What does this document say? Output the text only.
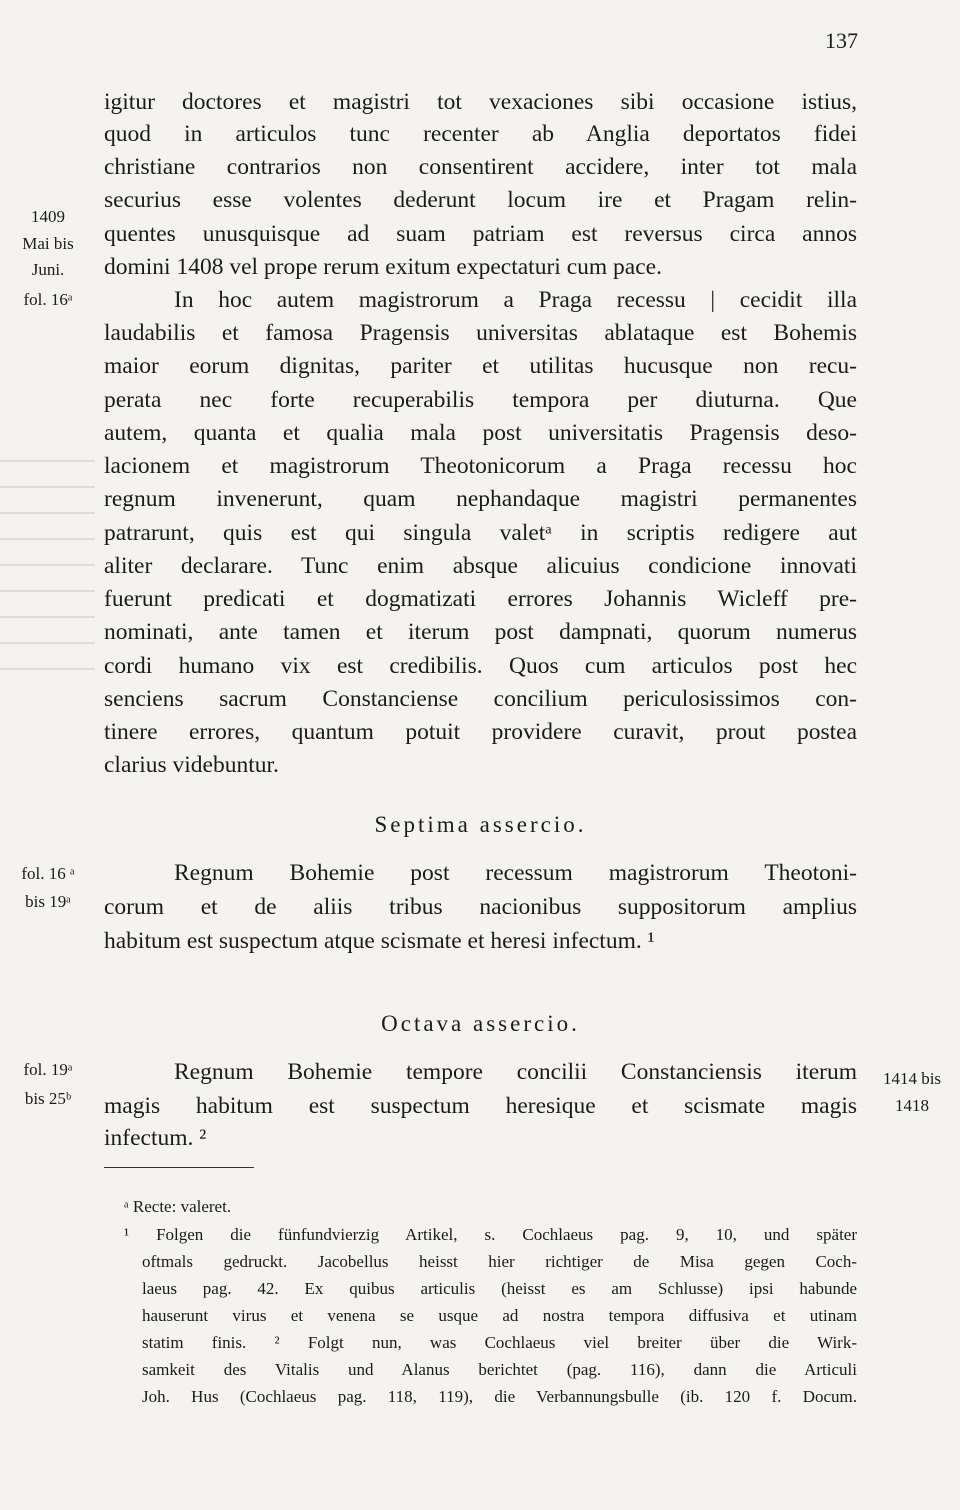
137
1409
Mai bis
Juni.
fol. 16ᵃ
fol. 16 ᵃ
bis 19ᵃ
fol. 19ᵃ
bis 25ᵇ
1414 bis
1418
igitur doctores et magistri tot vexaciones sibi occasione istius,
quod in articulos tunc recenter ab Anglia deportatos fidei
christiane contrarios non consentirent accidere, inter tot mala
securius esse volentes dederunt locum ire et Pragam relin-
quentes unusquisque ad suam patriam est reversus circa annos
domini 1408 vel prope rerum exitum expectaturi cum pace.
In hoc autem magistrorum a Praga recessu | cecidit illa
laudabilis et famosa Pragensis universitas ablataque est Bohemis
maior eorum dignitas, pariter et utilitas hucusque non recu-
perata nec forte recuperabilis tempora per diuturna. Que
autem, quanta et qualia mala post universitatis Pragensis deso-
lacionem et magistrorum Theotonicorum a Praga recessu hoc
regnum invenerunt, quam nephandaque magistri permanentes
patrarunt, quis est qui singula valetᵃ in scriptis redigere aut
aliter declarare. Tunc enim absque alicuius condicione innovati
fuerunt predicati et dogmatizati errores Johannis Wicleff pre-
nominati, ante tamen et iterum post dampnati, quorum numerus
cordi humano vix est credibilis. Quos cum articulos post hec
senciens sacrum Constanciense concilium periculosissimos con-
tinere errores, quantum potuit providere curavit, prout postea
clarius videbuntur.
Septima assercio.
Regnum Bohemie post recessum magistrorum Theotoni-
corum et de aliis tribus nacionibus suppositorum amplius
habitum est suspectum atque scismate et heresi infectum. ¹
Octava assercio.
Regnum Bohemie tempore concilii Constanciensis iterum
magis habitum est suspectum heresique et scismate magis
infectum. ²
ᵃ Recte: valeret.
¹ Folgen die fünfundvierzig Artikel, s. Cochlaeus pag. 9, 10, und später
oftmals gedruckt. Jacobellus heisst hier richtiger de Misa gegen Coch-
laeus pag. 42. Ex quibus articulis (heisst es am Schlusse) ipsi habunde
hauserunt virus et venena se usque ad nostra tempora diffusiva et utinam
statim finis. ² Folgt nun, was Cochlaeus viel breiter über die Wirk-
samkeit des Vitalis und Alanus berichtet (pag. 116), dann die Articuli
Joh. Hus (Cochlaeus pag. 118, 119), die Verbannungsbulle (ib. 120 f. Docum.
